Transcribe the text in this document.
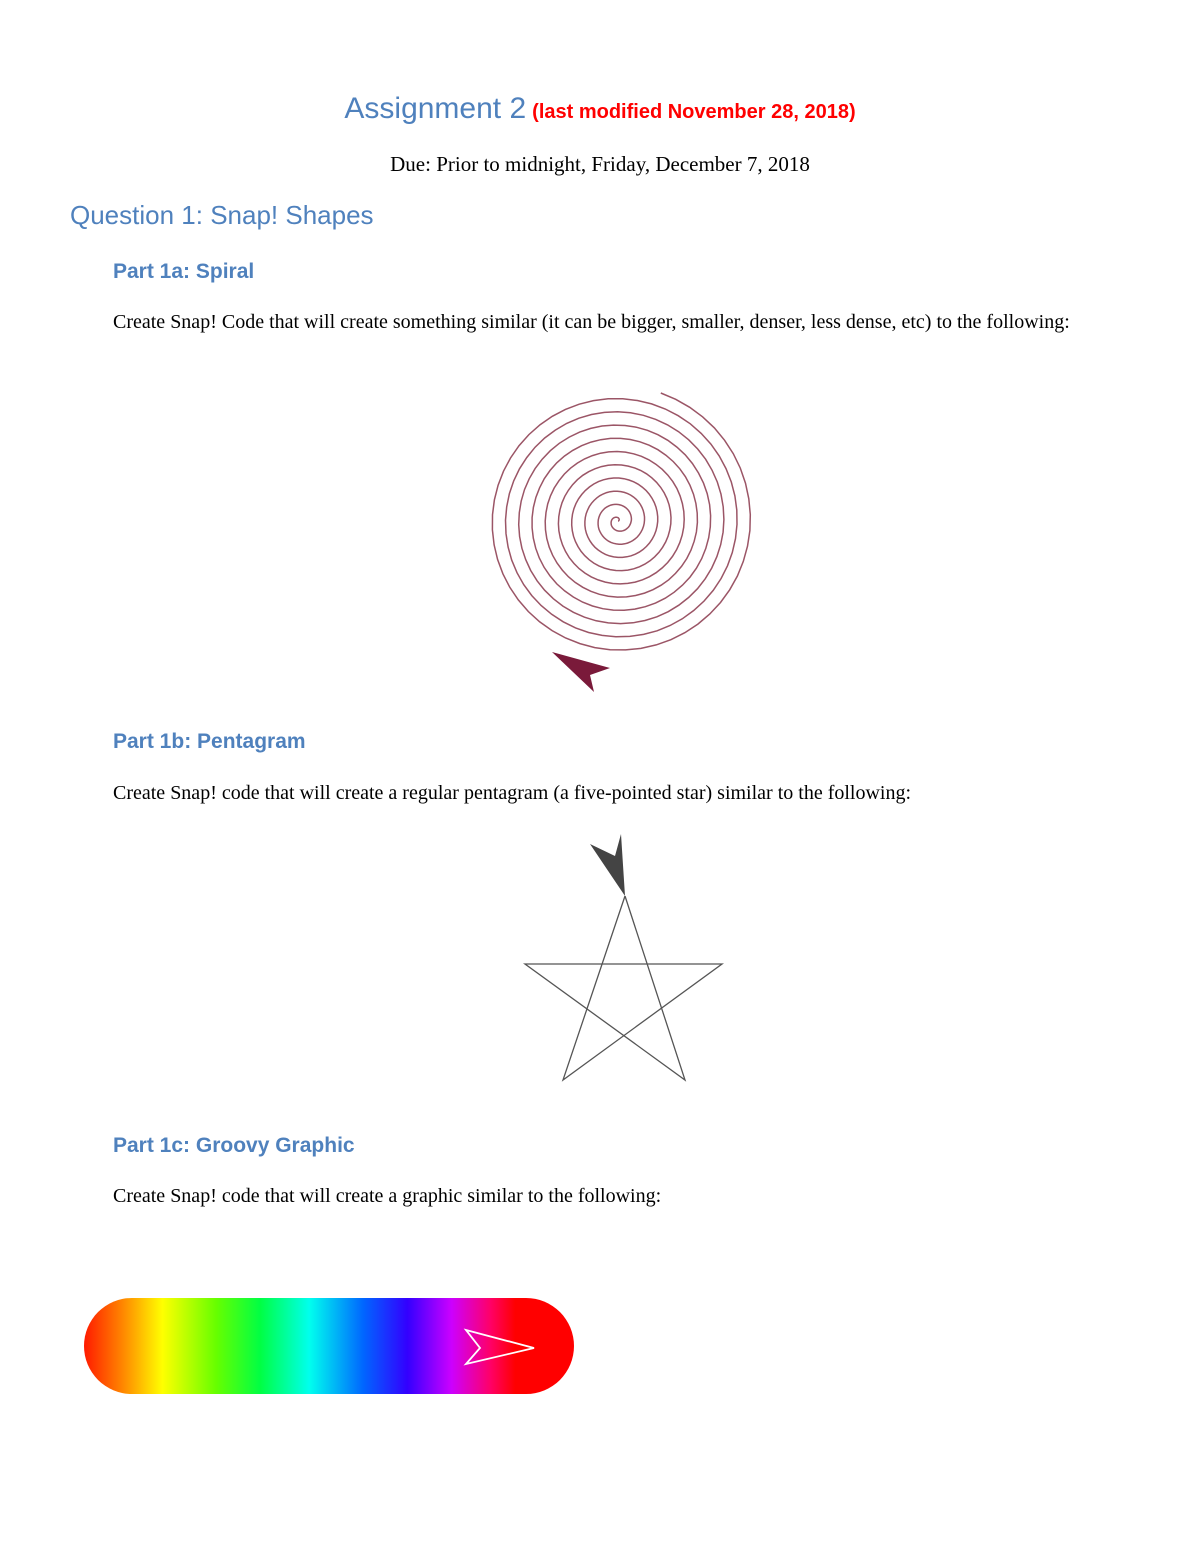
Assignment 2 (last modified November 28, 2018)
Due: Prior to midnight, Friday, December 7, 2018
Question 1: Snap! Shapes
Part 1a: Spiral
Create Snap! Code that will create something similar (it can be bigger, smaller, denser, less dense, etc) to the following:
Part 1b: Pentagram
Create Snap! code that will create a regular pentagram (a five-pointed star) similar to the following:
Part 1c: Groovy Graphic
Create Snap! code that will create a graphic similar to the following:
